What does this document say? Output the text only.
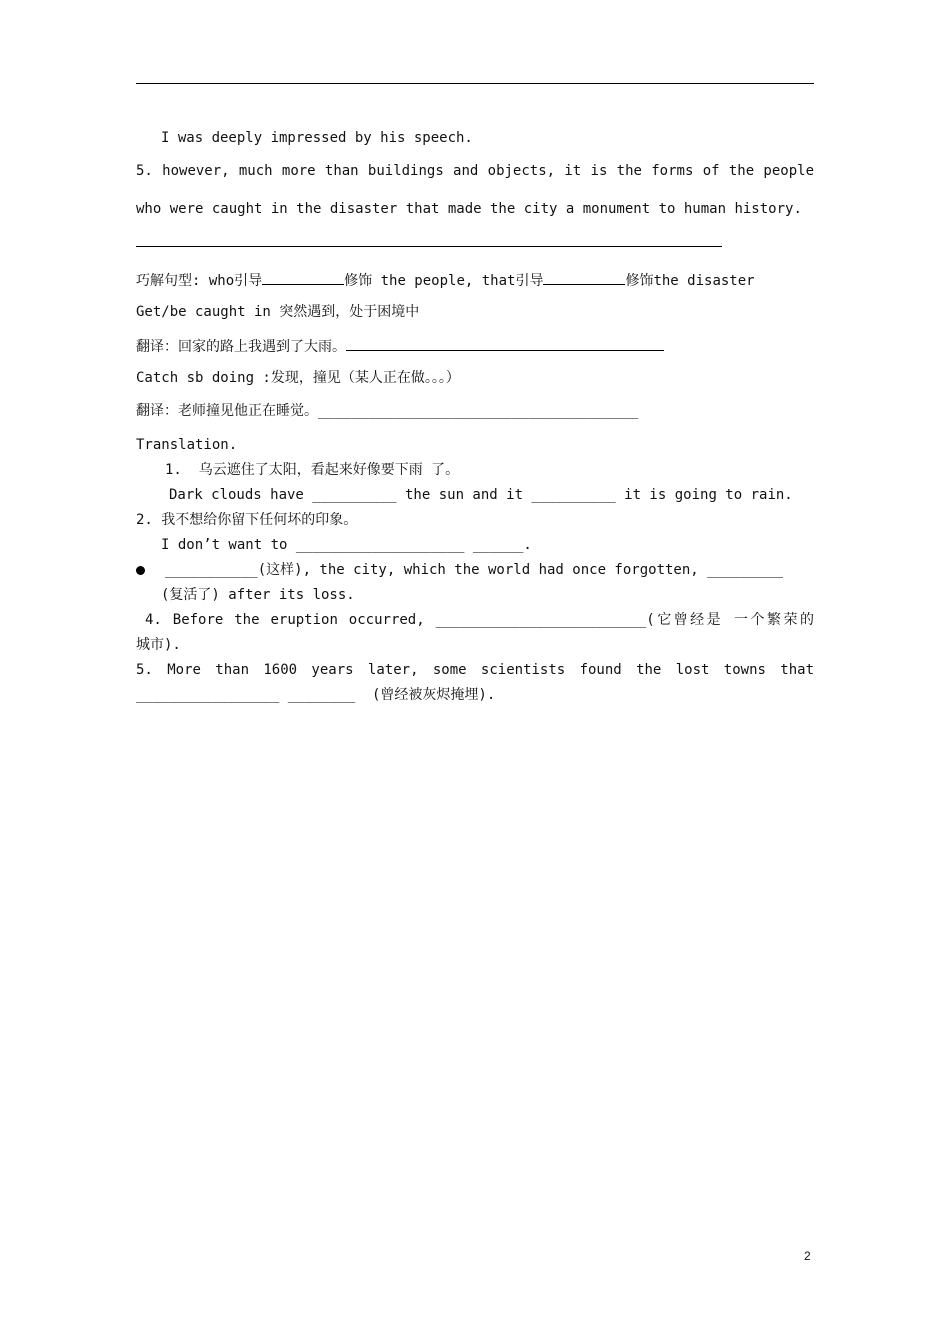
I was deeply impressed by his speech.
5. however, much more than buildings and objects, it is the forms of the people
who were caught in the disaster that made the city a monument to human history.
巧解句型: who引导	修饰 the people, that引导	修饰the disaster
Get/be caught in 突然遇到，处于困境中
翻译：回家的路上我遇到了大雨。
Catch sb doing :发现，撞见（某人正在做。。。）
翻译：老师撞见他正在睡觉。______________________________________
Translation.
1.  乌云遮住了太阳，看起来好像要下雨 了。
Dark clouds have __________ the sun and it __________ it is going to rain.
2. 我不想给你留下任何坏的印象。
I don’t want to ____________________ ______.
___________(这样), the city, which the world had once forgotten, _________
(复活了) after its loss.
4. Before the eruption occurred, _________________________(它曾经是 一个繁荣的
城市).
5. More than 1600 years later, some scientists found the lost towns that
_________________ ________  (曾经被灰烬掩埋).
2
